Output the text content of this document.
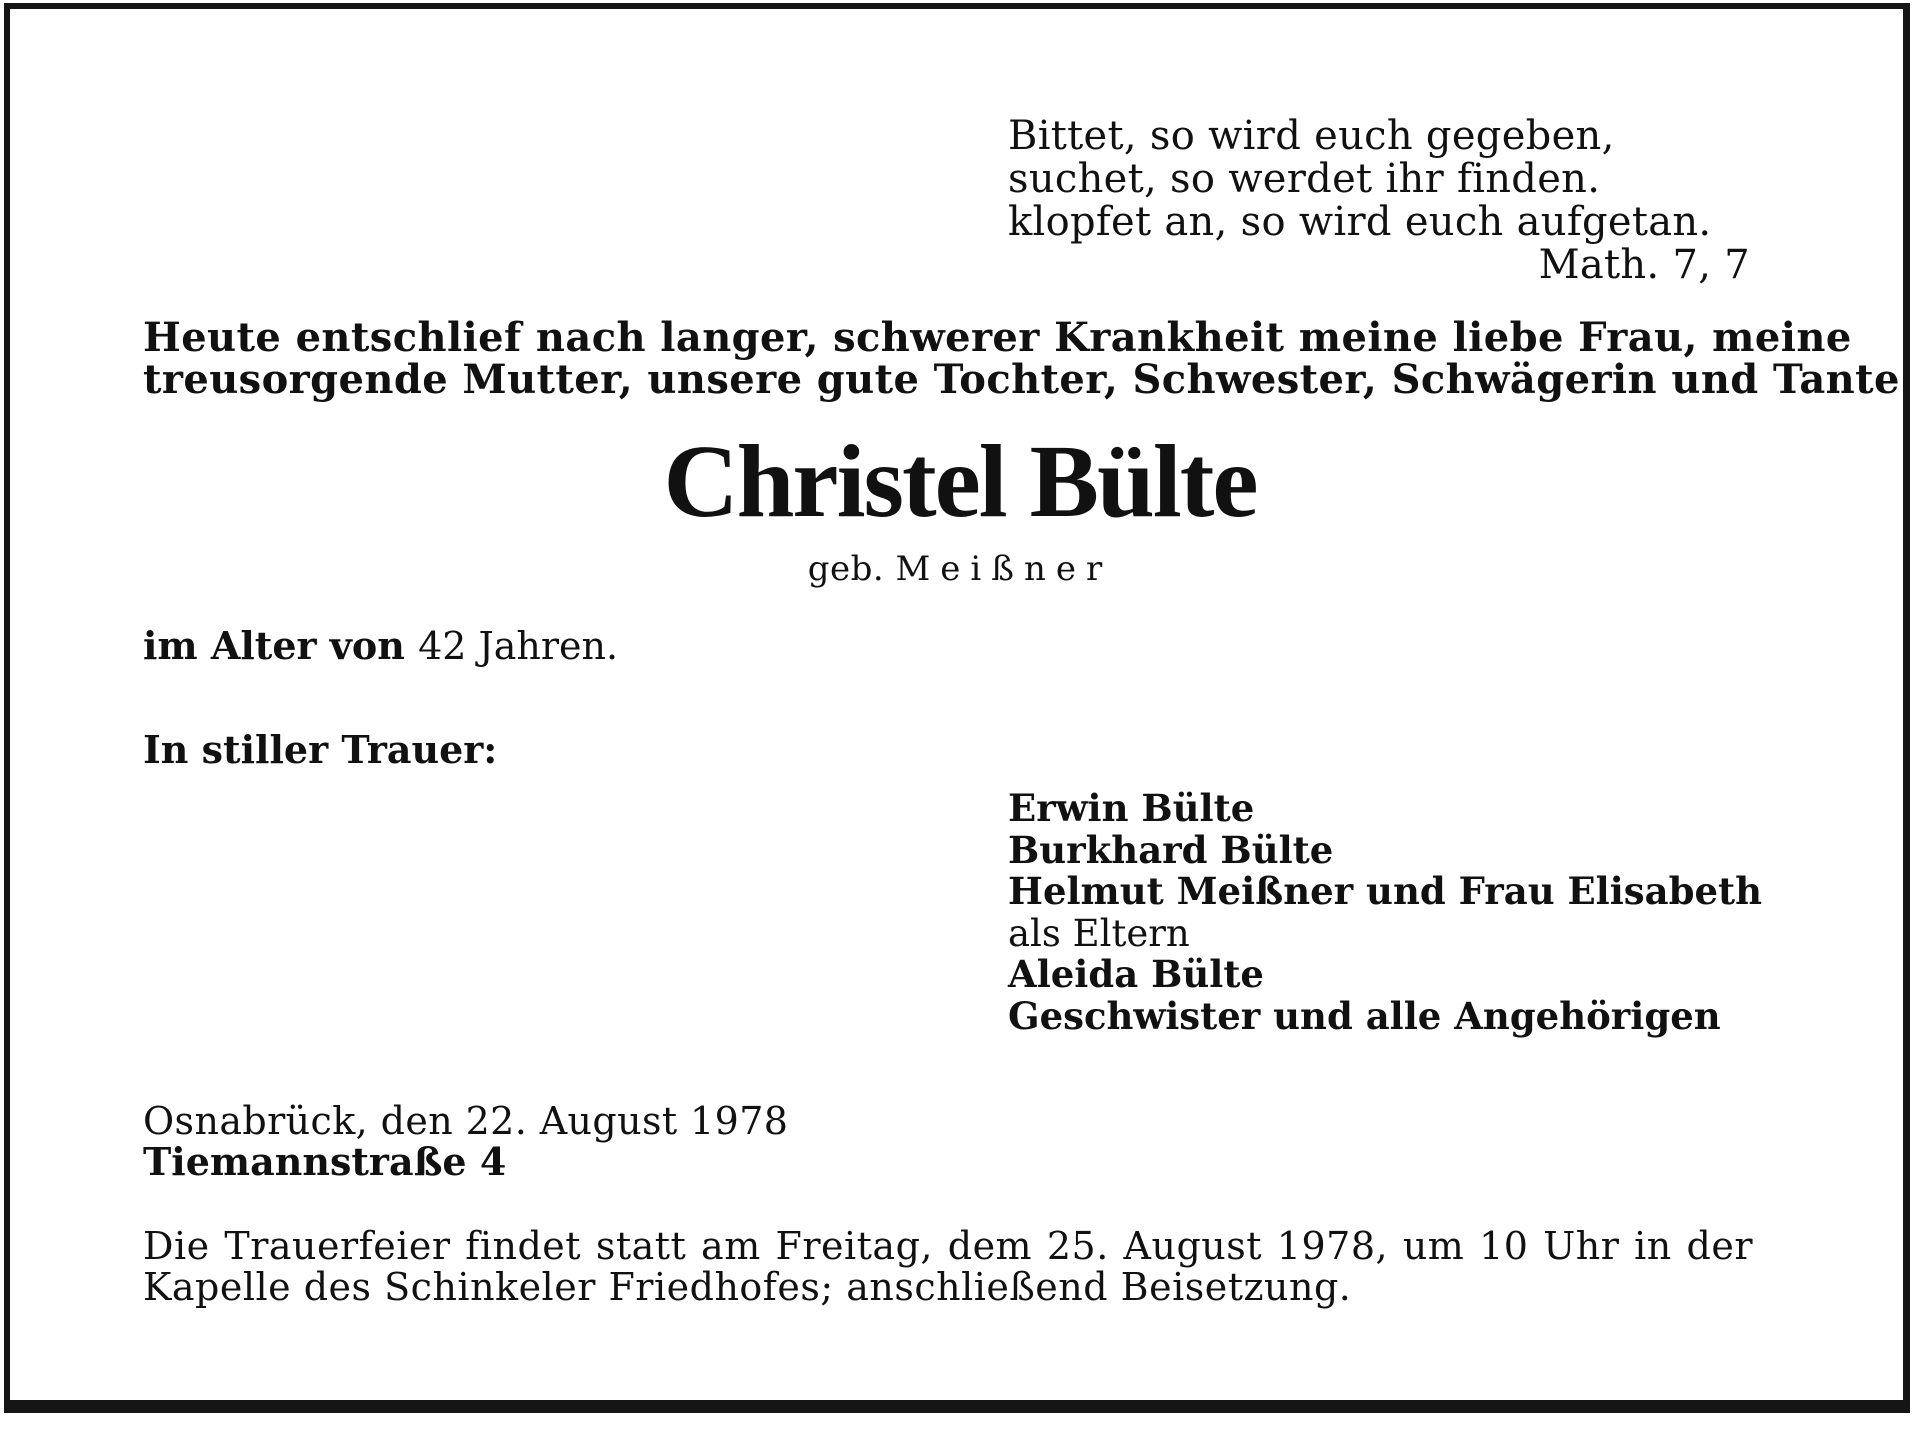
Bittet, so wird euch gegeben,
suchet, so werdet ihr finden.
klopfet an, so wird euch aufgetan.
Math. 7, 7
Heute entschlief nach langer, schwerer Krankheit meine liebe Frau, meine
treusorgende Mutter, unsere gute Tochter, Schwester, Schwägerin und Tante
Christel Bülte
geb. Meißner
im Alter von 42 Jahren.
In stiller Trauer:
Erwin Bülte
Burkhard Bülte
Helmut Meißner und Frau Elisabeth
als Eltern
Aleida Bülte
Geschwister und alle Angehörigen
Osnabrück, den 22. August 1978
Tiemannstraße 4
Die Trauerfeier findet statt am Freitag, dem 25. August 1978, um 10 Uhr in der
Kapelle des Schinkeler Friedhofes; anschließend Beisetzung.
